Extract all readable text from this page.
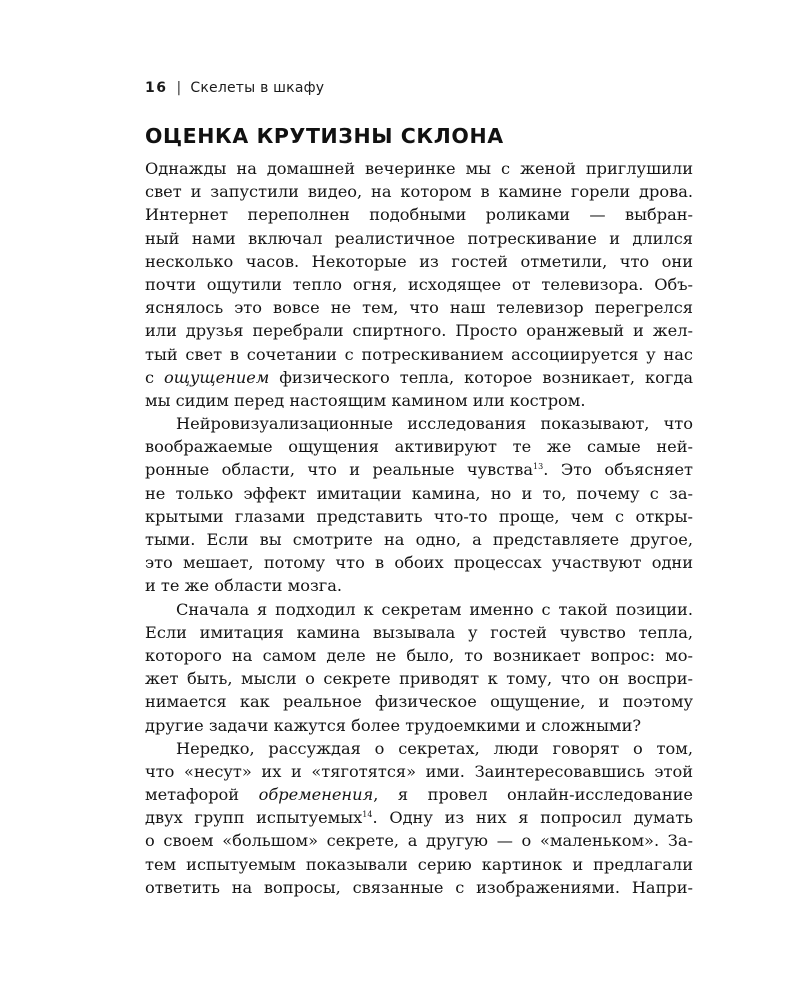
16 | Скелеты в шкафу
ОЦЕНКА КРУТИЗНЫ СКЛОНА
Однажды на домашней вечеринке мы с женой приглушили
свет и запустили видео, на котором в камине горели дрова.
Интернет переполнен подобными роликами — выбран-
ный нами включал реалистичное потрескивание и длился
несколько часов. Некоторые из гостей отметили, что они
почти ощутили тепло огня, исходящее от телевизора. Объ-
яснялось это вовсе не тем, что наш телевизор перегрелся
или друзья перебрали спиртного. Просто оранжевый и жел-
тый свет в сочетании с потрескиванием ассоциируется у нас
с ощущением физического тепла, которое возникает, когда
мы сидим перед настоящим камином или костром.
Нейровизуализационные исследования показывают, что
воображаемые ощущения активируют те же самые ней-
ронные области, что и реальные чувства$^{13}$. Это объясняет
не только эффект имитации камина, но и то, почему с за-
крытыми глазами представить что-то проще, чем с откры-
тыми. Если вы смотрите на одно, а представляете другое,
это мешает, потому что в обоих процессах участвуют одни
и те же области мозга.
Сначала я подходил к секретам именно с такой позиции.
Если имитация камина вызывала у гостей чувство тепла,
которого на самом деле не было, то возникает вопрос: мо-
жет быть, мысли о секрете приводят к тому, что он воспри-
нимается как реальное физическое ощущение, и поэтому
другие задачи кажутся более трудоемкими и сложными?
Нередко, рассуждая о секретах, люди говорят о том,
что «несут» их и «тяготятся» ими. Заинтересовавшись этой
метафорой обременения, я провел онлайн-исследование
двух групп испытуемых$^{14}$. Одну из них я попросил думать
о своем «большом» секрете, а другую — о «маленьком». За-
тем испытуемым показывали серию картинок и предлагали
ответить на вопросы, связанные с изображениями. Напри-
